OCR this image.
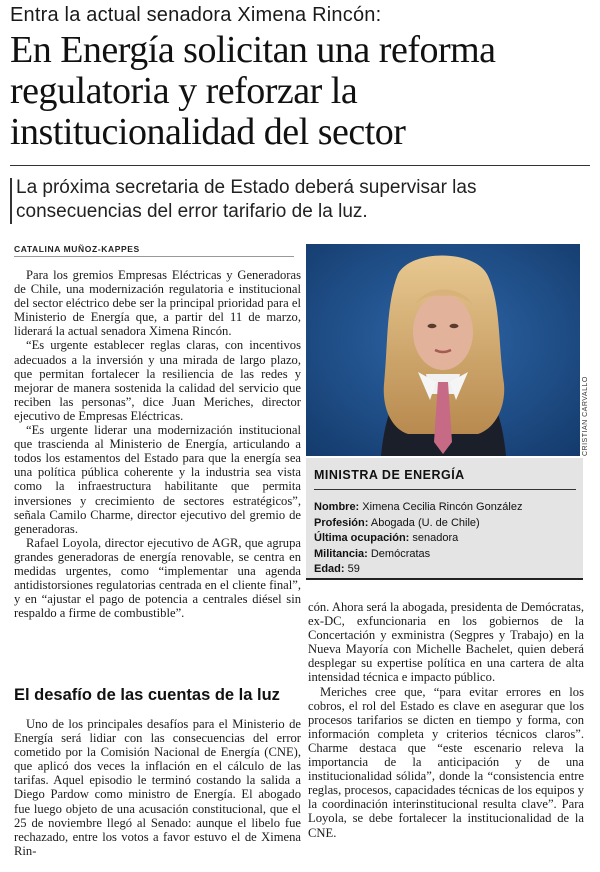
Entra la actual senadora Ximena Rincón:
En Energía solicitan una reforma regulatoria y reforzar la institucionalidad del sector
La próxima secretaria de Estado deberá supervisar las consecuencias del error tarifario de la luz.
CATALINA MUÑOZ-KAPPES

Para los gremios Empresas Eléctricas y Generadoras de Chile, una modernización regulatoria e institucional del sector eléctrico debe ser la principal prioridad para el Ministerio de Energía que, a partir del 11 de marzo, liderará la actual senadora Ximena Rincón.

“Es urgente establecer reglas claras, con incentivos adecuados a la inversión y una mirada de largo plazo, que permitan fortalecer la resiliencia de las redes y mejorar de manera sostenida la calidad del servicio que reciben las personas”, dice Juan Meriches, director ejecutivo de Empresas Eléctricas.

“Es urgente liderar una modernización institucional que trascienda al Ministerio de Energía, articulando a todos los estamentos del Estado para que la energía sea una política pública coherente y la industria sea vista como la infraestructura habilitante que permita inversiones y crecimiento de sectores estratégicos”, señala Camilo Charme, director ejecutivo del gremio de generadoras.

Rafael Loyola, director ejecutivo de AGR, que agrupa grandes generadoras de energía renovable, se centra en medidas urgentes, como “implementar una agenda antidistorsiones regulatorias centrada en el cliente final”, y en “ajustar el pago de potencia a centrales diésel sin respaldo a firme de combustible”.

El desafío de las cuentas de la luz

Uno de los principales desafíos para el Ministerio de Energía será lidiar con las consecuencias del error cometido por la Comisión Nacional de Energía (CNE), que aplicó dos veces la inflación en el cálculo de las tarifas. Aquel episodio le terminó costando la salida a Diego Pardow como ministro de Energía. El abogado fue luego objeto de una acusación constitucional, que el 25 de noviembre llegó al Senado: aunque el libelo fue rechazado, entre los votos a favor estuvo el de Ximena Rin-

CRISTIAN CARVALLO
MINISTRA DE ENERGÍA
Nombre: Ximena Cecilia Rincón González
Profesión: Abogada (U. de Chile)
Última ocupación: senadora
Militancia: Demócratas
Edad: 59

cón. Ahora será la abogada, presidenta de Demócratas, ex-DC, exfuncionaria en los gobiernos de la Concertación y exministra (Segpres y Trabajo) en la Nueva Mayoría con Michelle Bachelet, quien deberá desplegar su expertise política en una cartera de alta intensidad técnica e impacto público.

Meriches cree que, “para evitar errores en los cobros, el rol del Estado es clave en asegurar que los procesos tarifarios se dicten en tiempo y forma, con información completa y criterios técnicos claros”. Charme destaca que “este escenario releva la importancia de la anticipación y de una institucionalidad sólida”, donde la “consistencia entre reglas, procesos, capacidades técnicas de los equipos y la coordinación interinstitucional resulta clave”. Para Loyola, se debe fortalecer la institucionalidad de la CNE.
